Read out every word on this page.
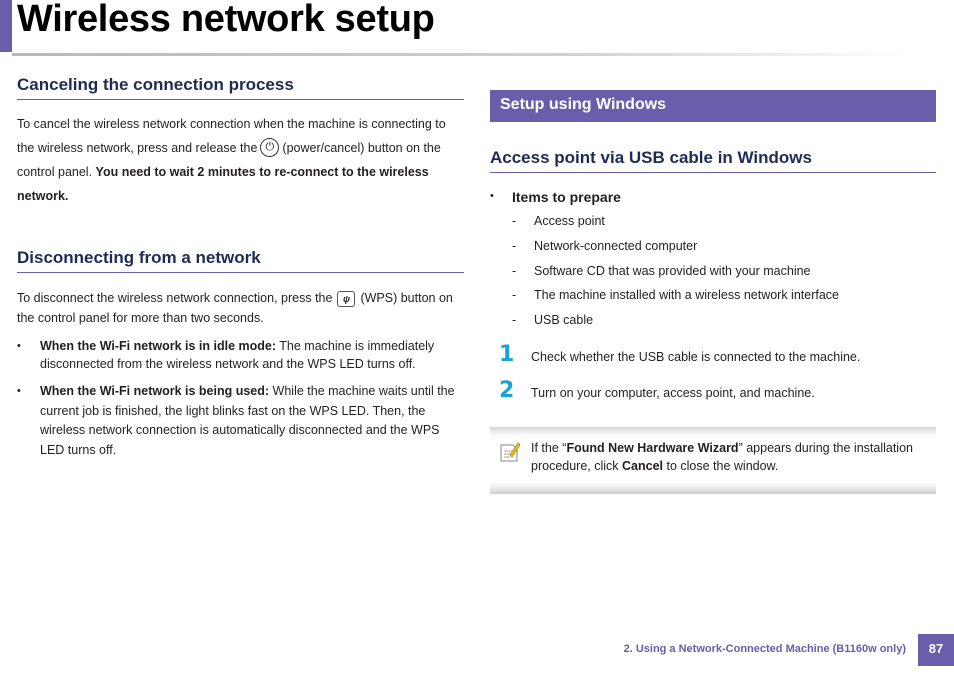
Wireless network setup
Canceling the connection process

To cancel the wireless network connection when the machine is connecting to the wireless network, press and release the ⏻ (power/cancel) button on the control panel. You need to wait 2 minutes to re-connect to the wireless network.

Disconnecting from a network

To disconnect the wireless network connection, press the ψ (WPS) button on the control panel for more than two seconds.

• When the Wi-Fi network is in idle mode: The machine is immediately disconnected from the wireless network and the WPS LED turns off.
• When the Wi-Fi network is being used: While the machine waits until the current job is finished, the light blinks fast on the WPS LED. Then, the wireless network connection is automatically disconnected and the WPS LED turns off.
Setup using Windows
Access point via USB cable in Windows
• Items to prepare
- Access point
- Network-connected computer
- Software CD that was provided with your machine
- The machine installed with a wireless network interface
- USB cable
1 Check whether the USB cable is connected to the machine.
2 Turn on your computer, access point, and machine.
If the “Found New Hardware Wizard” appears during the installation procedure, click Cancel to close the window.
2. Using a Network-Connected Machine (B1160w only)	87
